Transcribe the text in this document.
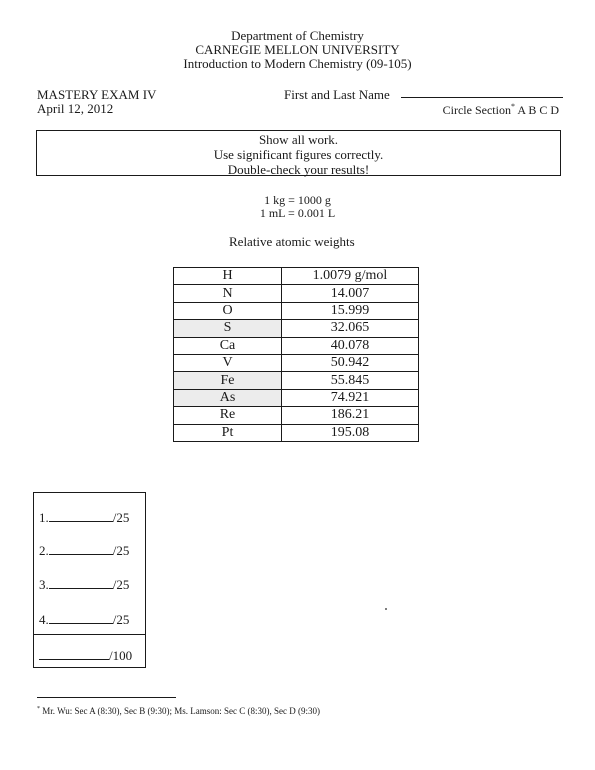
Department of Chemistry
CARNEGIE MELLON UNIVERSITY
Introduction to Modern Chemistry (09-105)
MASTERY EXAM IV
April 12, 2012
First and Last Name
Circle Section* A B C D
Show all work.
Use significant figures correctly.
Double-check your results!
1 kg = 1000 g
1 mL = 0.001 L
Relative atomic weights
H	1.0079 g/mol
N	14.007
O	15.999
S	32.065
Ca	40.078
V	50.942
Fe	55.845
As	74.921
Re	186.21
Pt	195.08
1.	/25
2.	/25
3.	/25
4.	/25
/100
* Mr. Wu: Sec A (8:30), Sec B (9:30); Ms. Lamson: Sec C (8:30), Sec D (9:30)
